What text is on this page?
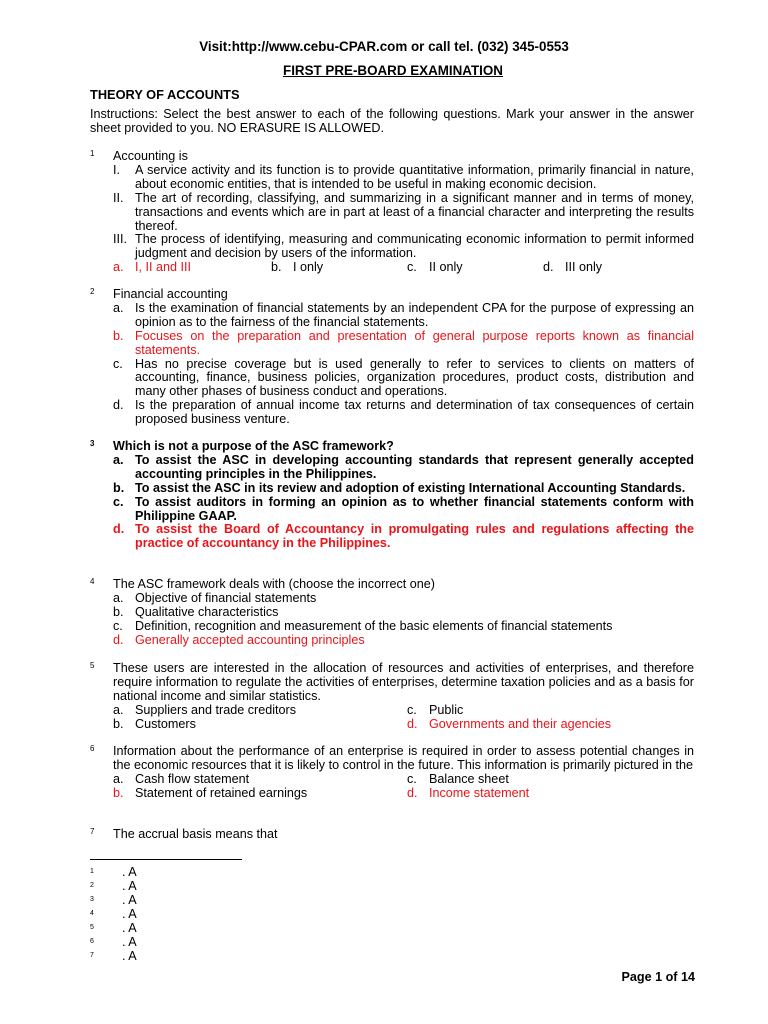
Visit:http://www.cebu-CPAR.com or call tel. (032) 345-0553
FIRST PRE-BOARD EXAMINATION
THEORY OF ACCOUNTS
Instructions: Select the best answer to each of the following questions. Mark your answer in the answer sheet provided to you. NO ERASURE IS ALLOWED.
1 Accounting is
I. A service activity and its function is to provide quantitative information, primarily financial in nature, about economic entities, that is intended to be useful in making economic decision.
II. The art of recording, classifying, and summarizing in a significant manner and in terms of money, transactions and events which are in part at least of a financial character and interpreting the results thereof.
III. The process of identifying, measuring and communicating economic information to permit informed judgment and decision by users of the information.
a. I, II and III	b. I only	c. II only	d. III only
2 Financial accounting
a. Is the examination of financial statements by an independent CPA for the purpose of expressing an opinion as to the fairness of the financial statements.
b. Focuses on the preparation and presentation of general purpose reports known as financial statements.
c. Has no precise coverage but is used generally to refer to services to clients on matters of accounting, finance, business policies, organization procedures, product costs, distribution and many other phases of business conduct and operations.
d. Is the preparation of annual income tax returns and determination of tax consequences of certain proposed business venture.
3 Which is not a purpose of the ASC framework?
a. To assist the ASC in developing accounting standards that represent generally accepted accounting principles in the Philippines.
b. To assist the ASC in its review and adoption of existing International Accounting Standards.
c. To assist auditors in forming an opinion as to whether financial statements conform with Philippine GAAP.
d. To assist the Board of Accountancy in promulgating rules and regulations affecting the practice of accountancy in the Philippines.
4 The ASC framework deals with (choose the incorrect one)
a. Objective of financial statements
b. Qualitative characteristics
c. Definition, recognition and measurement of the basic elements of financial statements
d. Generally accepted accounting principles
5 These users are interested in the allocation of resources and activities of enterprises, and therefore require information to regulate the activities of enterprises, determine taxation policies and as a basis for national income and similar statistics.
a. Suppliers and trade creditors	c. Public
b. Customers	d. Governments and their agencies
6 Information about the performance of an enterprise is required in order to assess potential changes in the economic resources that it is likely to control in the future. This information is primarily pictured in the
a. Cash flow statement	c. Balance sheet
b. Statement of retained earnings	d. Income statement
7 The accrual basis means that
1 . A
2 . A
3 . A
4 . A
5 . A
6 . A
7 . A
Page 1 of 14
